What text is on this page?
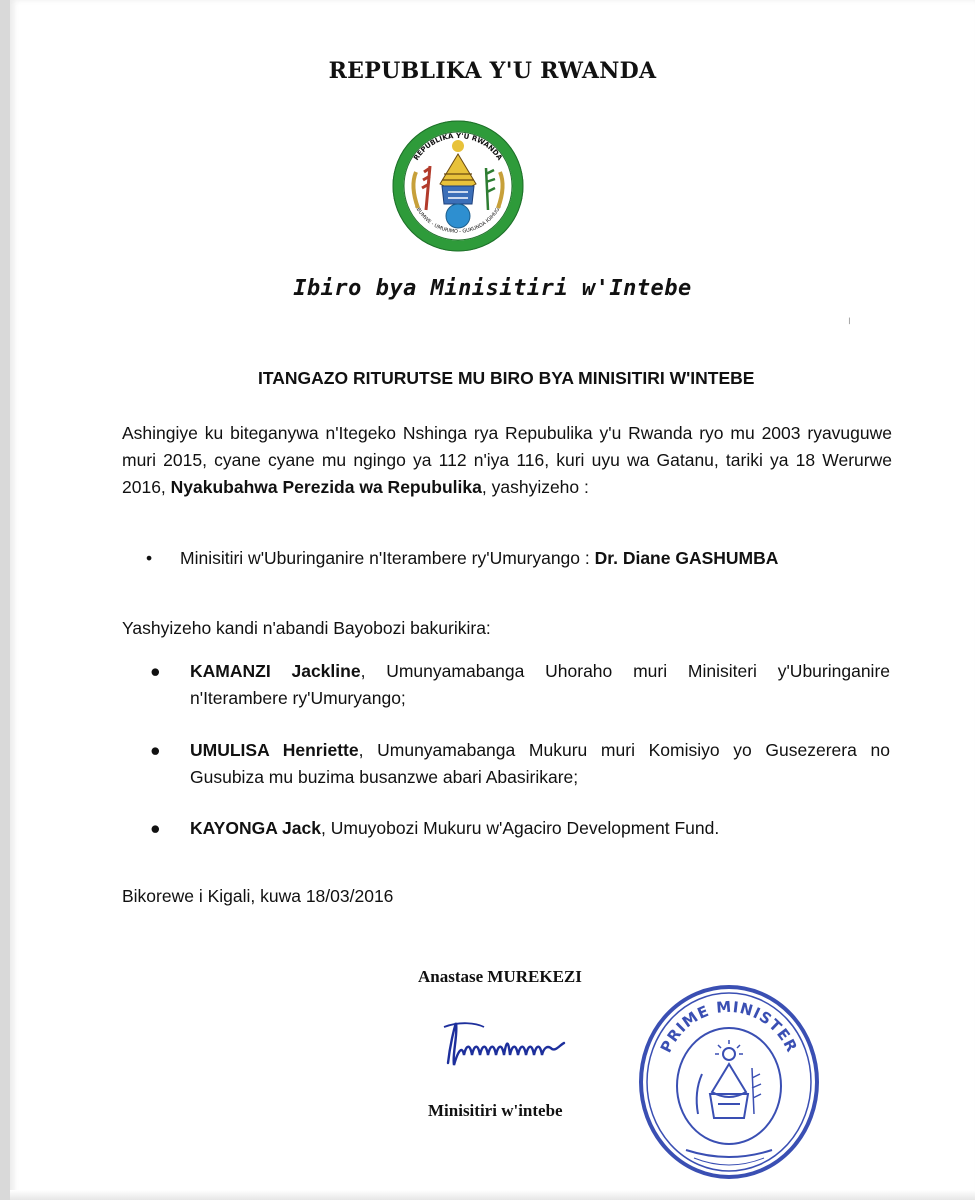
REPUBLIKA Y'U RWANDA
REPUBLIKA Y'U RWANDA
UBUMWE - UMURIMO - GUKUNDA IGIHUGU
Ibiro bya Minisitiri w'Intebe
╵
ITANGAZO RITURUTSE MU BIRO BYA MINISITIRI W'INTEBE
Ashingiye ku biteganywa n'Itegeko Nshinga rya Repubulika y'u Rwanda ryo mu 2003 ryavuguwe muri 2015, cyane cyane mu ngingo ya 112 n'iya 116, kuri uyu wa Gatanu, tariki ya 18 Werurwe 2016, Nyakubahwa Perezida wa Repubulika, yashyizeho :
• Minisitiri w'Uburinganire n'Iterambere ry'Umuryango : Dr. Diane GASHUMBA
Yashyizeho kandi n'abandi Bayobozi bakurikira:
● KAMANZI Jackline, Umunyamabanga Uhoraho muri Minisiteri y'Uburinganire n'Iterambere ry'Umuryango;
● UMULISA Henriette, Umunyamabanga Mukuru muri Komisiyo yo Gusezerera no Gusubiza mu buzima busanzwe abari Abasirikare;
● KAYONGA Jack, Umuyobozi Mukuru w'Agaciro Development Fund.
Bikorewe i Kigali, kuwa 18/03/2016
Anastase MUREKEZI
Minisitiri w'intebe
PRIME MINISTER
